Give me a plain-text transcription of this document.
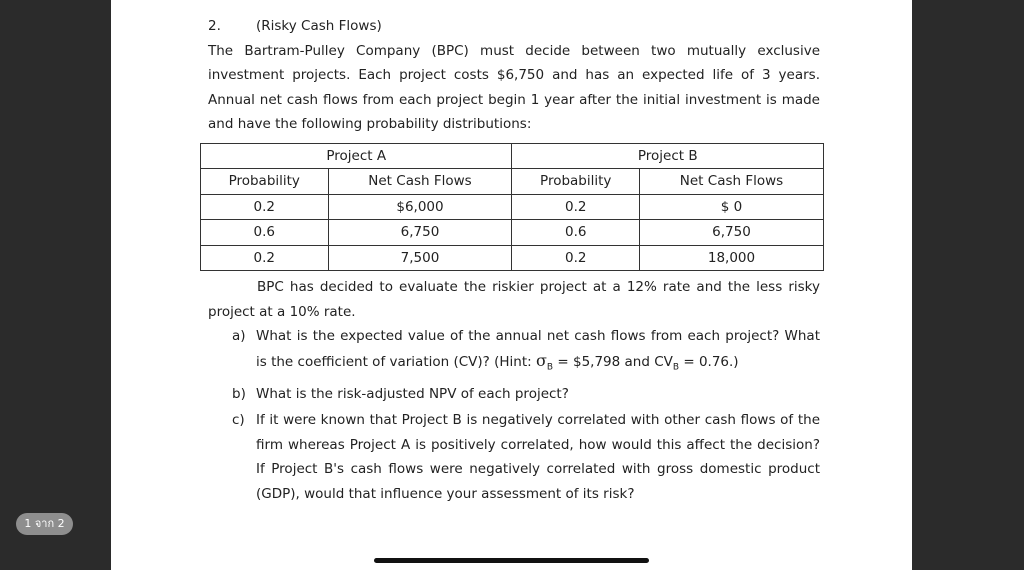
2.	(Risky Cash Flows)

The Bartram-Pulley Company (BPC) must decide between two mutually exclusive investment projects. Each project costs $6,750 and has an expected life of 3 years. Annual net cash flows from each project begin 1 year after the initial investment is made and have the following probability distributions:

Project A		Project B	
Probability	Net Cash Flows	Probability	Net Cash Flows
0.2	$6,000	0.2	$ 0
0.6	6,750	0.6	6,750
0.2	7,500	0.2	18,000

BPC has decided to evaluate the riskier project at a 12% rate and the less risky project at a 10% rate.

a) What is the expected value of the annual net cash flows from each project? What is the coefficient of variation (CV)? (Hint: $\sigma_B$ = $5,798 and $CV_B = 0.76$.)
b) What is the risk-adjusted NPV of each project?
c) If it were known that Project B is negatively correlated with other cash flows of the firm whereas Project A is positively correlated, how would this affect the decision? If Project B's cash flows were negatively correlated with gross domestic product (GDP), would that influence your assessment of its risk?
1 จาก 2
